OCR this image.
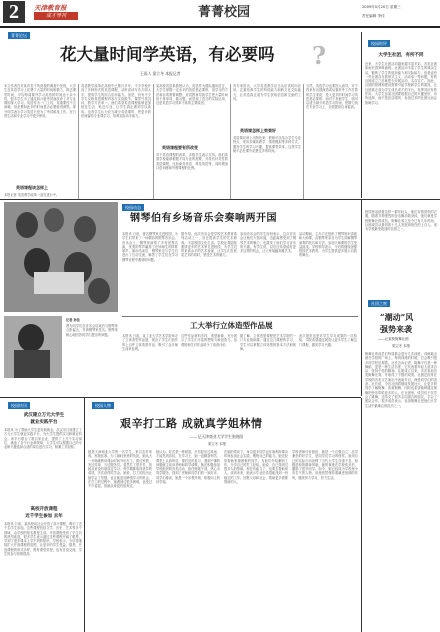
2	天津教育报
成才导刊	菁菁校园	2009年5月20日 星期三
责任编辑 李佳
菁菁论坛
花大量时间学英语，有必要吗	?
王雨人 梁立冬 本报记者
本文作者在对某市若干所高校的调查中发现，大学生在英语学习上花费了大量的时间和精力，除去课堂时间，平均每周课外学习英语的时间达十余小时，很多学生为了通过四六级考试而放弃了对专业课的深入学习。英语作为一门工具，其重要性不言而喻，但花费如此多的时间是否必要值得深思。部分同学表示学习英语只是为了考试和找工作，在日常生活和专业学习中很少使用。
英语课程该怎样上
本报记者 英语教学改革一直在进行中。
英语教学改革在高校中已推行多年，不少学校开设了多种形式的英语课程，从听说读写各方面入手，提高学生的综合应用能力。但是，仍有不少学生反映英语课程内容与实际脱节，课堂气氛沉闷，教学方法单一。他们希望英语课程能够更加贴近生活、贴近专业，让学生真正做到学以致用。也有学生认为应当减少英语课时，把更多的时间留给专业课学习，培养实际动手能力。
某高校英语系教授认为，英语作为国际通用语言，大学生掌握一定水平的英语是必要的，但学习的方法和目的需要调整。应试教育导致学生把大量时间用于背单词、做习题，而忽视了语言的实际运用，这是英语学习效率不高的主要原因。
英语课程要有所改变
对于英语课程的改革，多数学生表示支持。他们希望学校能够根据不同专业的需要，开设有针对性的英语课程，比如商务英语、科技英语等，同时增加口语训练和外教课程的比例。
有专家指出，大学英语教学应当从应试转向应用，注重培养学生的听说能力和跨文化交际能力，让英语真正成为学生获取信息和交流的工具。
英语课怎样上效果好
英语课应该上出特色来，教师可以结合学生专业特点，采用多媒体教学、情景模拟等多种方式，激发学生的学习兴趣，提高课堂效率，这样学生就不必在课外花费过多的时间。
当然，英语学习也要因人而异，对于将来有出国深造或从事涉外工作打算的学生来说，投入更多的时间学习英语是必要的；而对于其他学生，则可以适当减少英语学习时间，把精力放在专业学习上，全面提高自身素质。
校园时评
大学生社团，有所不同
近来，大学生社团活动越来越丰富多彩，各类社团如雨后春笋般涌现。社团活动丰富了学生的课余生活，锻炼了学生的组织能力和交际能力。但是也有一些社团存在着形式主义、活动单一等问题，有的社团成立之后就很少开展活动，名存实亡。因此，社团的管理和建设需要引起学校和学生的重视，让社团真正成为学生成长成才的平台，发挥其应有的作用。大学生参加社团要根据自己的兴趣爱好，有所选择，而不是盲目跟风，参加过多的社团反而会影响学习。
校园动态
钢琴伯有乡场音乐会奏响两开国
本报讯 日前，著名钢琴家走进校园，为学生们带来了一场精彩的钢琴音乐会。音乐会上，钢琴家演奏了多首世界名曲，优美的琴声赢得了在场师生的阵阵掌声。演出结束后，钢琴家还与学生们进行了互动交流，解答了学生们在学习钢琴过程中遇到的问题。
据介绍，此次音乐会是学校艺术教育系列活动之一，旨在提高学生的艺术修养，丰富校园文化生活。学校还将陆续邀请更多的艺术家走进校园，为学生们带来高水平的艺术表演，让学生们在欣赏艺术的同时，感受艺术的魅力。
参加音乐会的学生纷纷表示，这次音乐会让他们大饱耳福，近距离感受到了钢琴艺术的魅力，也激发了他们学习音乐的兴趣。有学生说，以后还希望能有更多这样的机会，让大家接触高雅艺术。
活动期间，主办方还组织了钢琴知识讲座和大师课，由钢琴家亲自为学生讲解钢琴演奏的技巧和方法，参加大师课的学生受益匪浅。学校领导表示，今后将继续加强校园艺术教育，为学生提供更多展示自我的舞台。
记者 孙佳
图为同学们在音乐会结束后与钢琴家合影留念，并请钢琴家签名。钢琴家耐心地回答同学们提出的问题。
工大举行立体造型作品展
本报讯 日前，某工业大学艺术学院举办了立体造型作品展，展出了学生们创作的上百件立体造型作品，吸引了众多师生前来参观。
这些作品材料多样，造型新颖，充分展示了学生们丰富的想象力和创造力。参观的师生对作品给予了高度评价。
据了解，立体造型课程是艺术学院的一门专业基础课，通过这门课程的学习，学生可以掌握立体造型的基本方法和规律。
此次展览也是对学生学习成果的一次检验，学院希望通过展览让更多学生了解这门课程，激发学习兴趣。
社团之窗
“潮动”风
强势来袭
——记某校街舞社团
梁立冬 本报
校园里活跃着这样一群年轻人，他们穿着宽松的衣服，随着节奏强烈的音乐舞动着身体，他们就是学校街舞社的成员。街舞社成立至今已有几年时间，社团成员从最初的十几人发展到现在的上百人，成为学校最受欢迎的社团之一。
街舞社的成员们每周都会进行几次训练，训练地点就在学校的广场上。每到训练的时候，总会吸引很多同学驻足观看。社长告诉记者，街舞不仅是一种舞蹈，更是一种生活态度，它代表着年轻人追求自由、张扬个性的精神。社团成立以来，多次参加各类街舞比赛，并取得了不错的成绩。社团还经常在学校的各类文艺演出中表演节目，深受同学们的喜爱。社长说，今后社团将继续发展壮大，让更多的同学了解街舞、喜欢街舞，同时也希望能够通过街舞把快乐带给更多的人。在社团里，成员们不仅学会了跳舞，还结交了很多志同道合的朋友，学会了团队合作。很多成员表示，参加街舞社是他们大学生活中最难忘的经历之一。
校园快讯
武汉建立万元大学生
就业实践平台
本报讯 为了帮助大学生更好地就业，武汉市日前建立了万元大学生就业实践平台，为大学生提供实习和就业机会。该平台联合了数百家企业，提供了上万个实习岗位，涵盖了各个行业和领域，大学生可以根据自己的专业和兴趣选择合适的岗位进行实习，积累工作经验。
高校开放课程
近千学生参加 去年
本报讯 日前，某高校向社会开放了部分课程，吸引了近千名学生参加。这些课程包括文学、历史、艺术等多个领域，由学校的知名教授主讲。开放课程受到了学生们的热烈欢迎，很多学生表示通过这些课程开阔了眼界，学到了很多课本上学不到的知识。学校表示，今后将继续扩大开放课程的范围，让更多的学生受益。据悉，开放课程的形式多样，既有课堂讲授，也有讨论交流，学生的参与热情很高。
校园人物
艰辛打工路 成就真学姐林情
——记天津商业大学学生张晓阳
梁立冬 本报
她是天津商业大学的一名学生，来自农村家庭，家境贫寒。为了减轻家里的负担，她从大一开始就利用课余时间外出打工，做过家教、发过传单、当过服务员。虽然打工很辛苦，但她从来没有耽误过学习，每学期都取得优异的成绩，多次获得奖学金。她说，打工的经历让她学会了坚强，也让她更加珍惜学习的机会。在打工的过程中，她遇到过很多困难，也受过不少委屈，但她从来没有放弃过。
她认为，吃苦是一种财富，只有经历过风雨，才能见到彩虹。在学习上，她一直勤奋刻苦，课堂上认真听讲，课后及时复习，遇到不懂的问题就主动向老师和同学请教。她还积极参加学校组织的各类活动，担任班级干部，热心为同学服务，得到了老师和同学们的一致好评。同学们都说，她是一个乐观开朗、积极向上的好学姐。
在她的带动下，身边很多同学也开始利用课余时间参加社会实践，锻炼自己的能力。她还经常帮助家境困难的同学，为他们介绍兼职工作，分享自己的打工经验。她说，自己得到过很多人的帮助，现在有能力了，也要去帮助别人。谈到未来，她表示毕业后希望能找到一份稳定的工作，回报父母和社会，帮助更多需要帮助的人。
学校老师评价她说，她是一个自强自立、品学兼优的好学生，是同学们学习的榜样。她用自己的实际行动诠释了当代大学生自强不息、积极进取的精神风貌。她的事迹在学校传开后，激励了很多同学。如今，她已经成为学校里小有名气的人物，但她依然保持着谦虚低调的作风，继续努力学习，努力生活。
